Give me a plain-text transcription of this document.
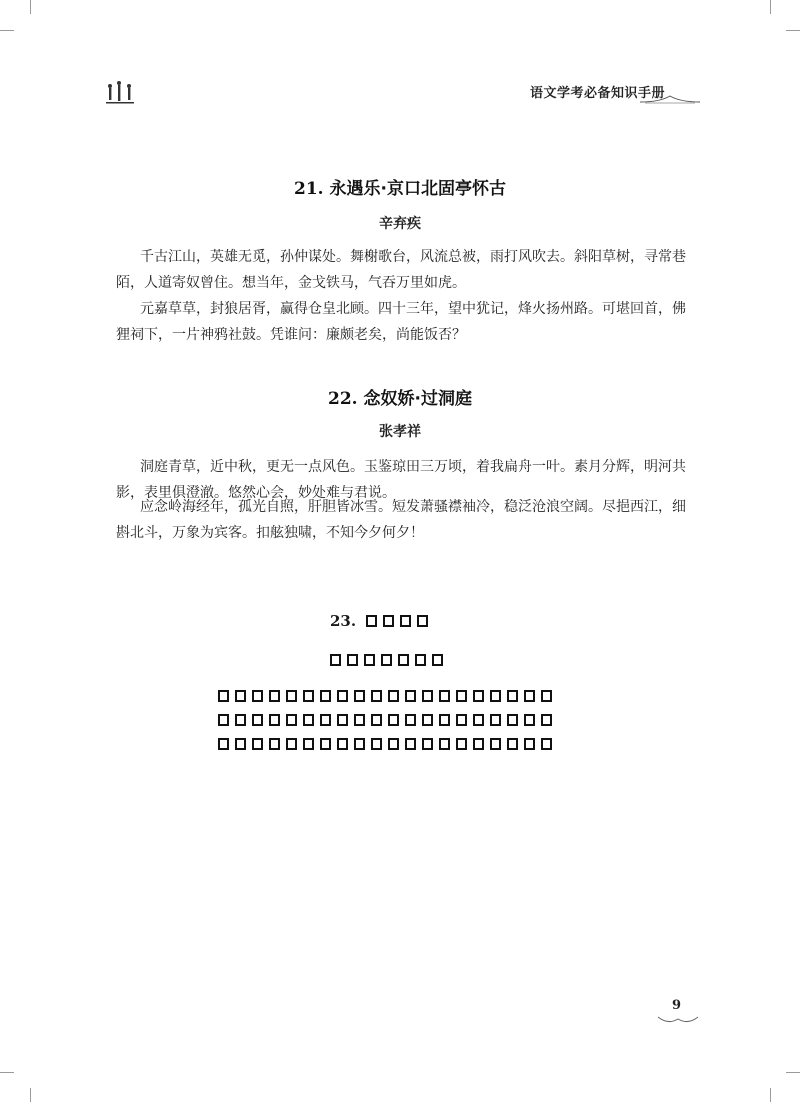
语文学考必备知识手册
21. 永遇乐·京口北固亭怀古
辛弃疾

千古江山，英雄无觅，孙仲谋处。舞榭歌台，风流总被，雨打风吹去。斜阳草树，寻常巷陌，人道寄奴曾住。想当年，金戈铁马，气吞万里如虎。

元嘉草草，封狼居胥，赢得仓皇北顾。四十三年，望中犹记，烽火扬州路。可堪回首，佛狸祠下，一片神鸦社鼓。凭谁问：廉颇老矣，尚能饭否？

22. 念奴娇·过洞庭
张孝祥

洞庭青草，近中秋，更无一点风色。玉鉴琼田三万顷，着我扁舟一叶。素月分辉，明河共影，表里俱澄澈。悠然心会，妙处难与君说。

应念岭海经年，孤光自照，肝胆皆冰雪。短发萧骚襟袖冷，稳泛沧浪空阔。尽挹西江，细斟北斗，万象为宾客。扣舷独啸，不知今夕何夕！

23.
9
